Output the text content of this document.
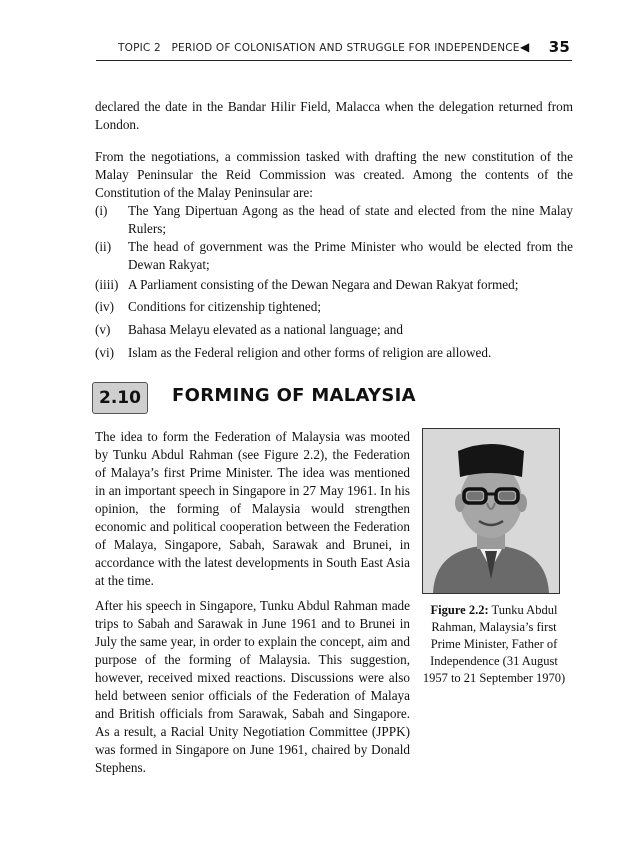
TOPIC 2   PERIOD OF COLONISATION AND STRUGGLE FOR INDEPENDENCE ◀ 35

declared the date in the Bandar Hilir Field, Malacca when the delegation returned from London.

From the negotiations, a commission tasked with drafting the new constitution of the Malay Peninsular the Reid Commission was created. Among the contents of the Constitution of the Malay Peninsular are:

(i) The Yang Dipertuan Agong as the head of state and elected from the nine Malay Rulers;
(ii) The head of government was the Prime Minister who would be elected from the Dewan Rakyat;
(iiii) A Parliament consisting of the Dewan Negara and Dewan Rakyat formed;
(iv) Conditions for citizenship tightened;
(v) Bahasa Melayu elevated as a national language; and
(vi) Islam as the Federal religion and other forms of religion are allowed.
2.10	FORMING OF MALAYSIA

The idea to form the Federation of Malaysia was mooted by Tunku Abdul Rahman (see Figure 2.2), the Federation of Malaya’s first Prime Minister. The idea was mentioned in an important speech in Singapore in 27 May 1961. In his opinion, the forming of Malaysia would strengthen economic and political cooperation between the Federation of Malaya, Singapore, Sabah, Sarawak and Brunei, in accordance with the latest developments in South East Asia at the time.

After his speech in Singapore, Tunku Abdul Rahman made trips to Sabah and Sarawak in June 1961 and to Brunei in July the same year, in order to explain the concept, aim and purpose of the forming of Malaysia. This suggestion, however, received mixed reactions. Discussions were also held between senior officials of the Federation of Malaya and British officials from Sarawak, Sabah and Singapore. As a result, a Racial Unity Negotiation Committee (JPPK) was formed in Singapore on June 1961, chaired by Donald Stephens.

Figure 2.2: Tunku Abdul Rahman, Malaysia’s first Prime Minister, Father of Independence (31 August 1957 to 21 September 1970)
